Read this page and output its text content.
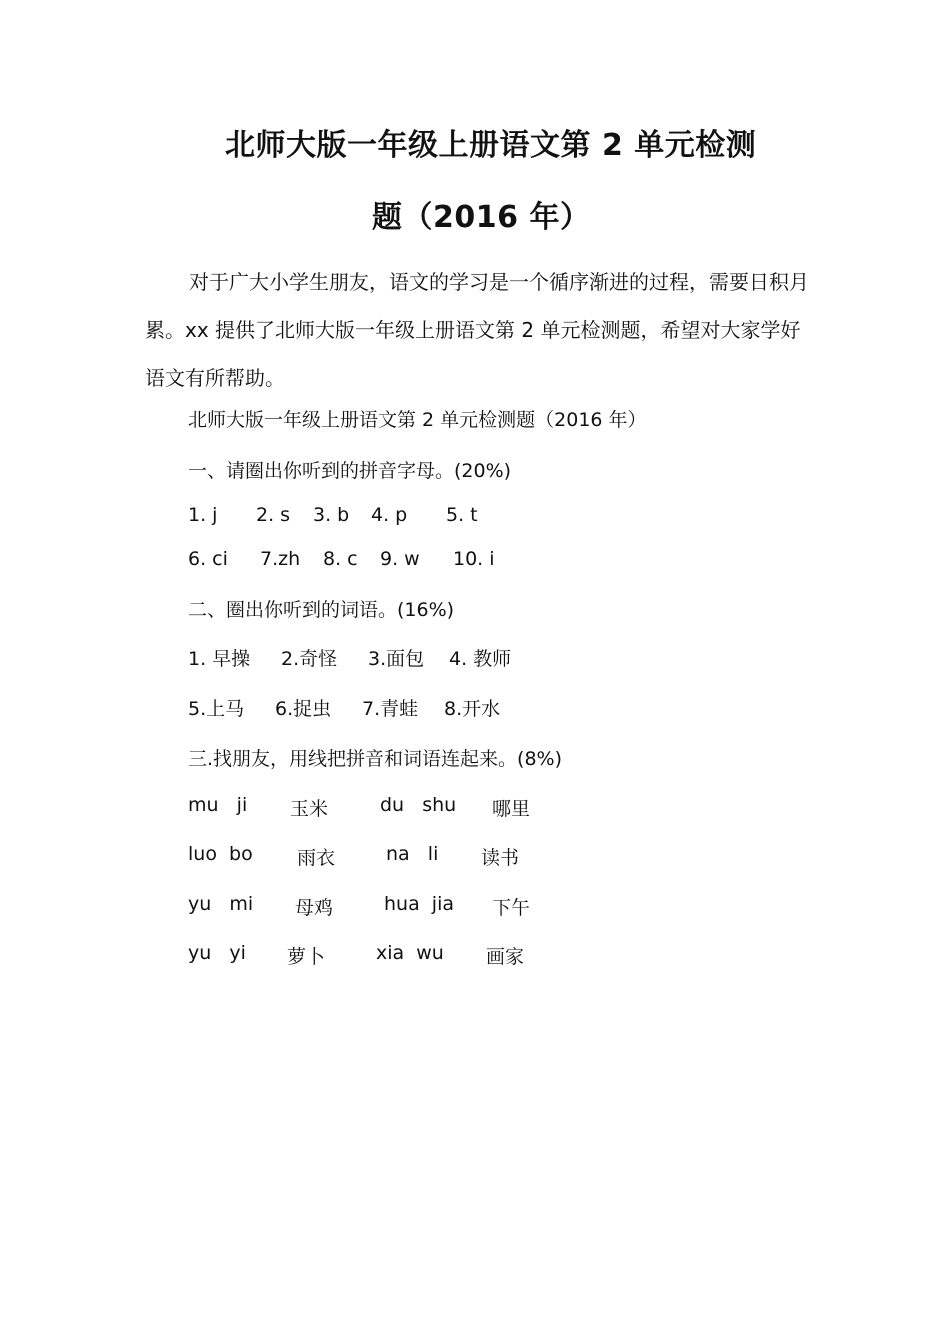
北师大版一年级上册语文第 2 单元检测
题（2016 年）

对于广大小学生朋友，语文的学习是一个循序渐进的过程，需要日积月累。xx 提供了北师大版一年级上册语文第 2 单元检测题，希望对大家学好语文有所帮助。

北师大版一年级上册语文第 2 单元检测题（2016 年）
一、请圈出你听到的拼音字母。(20%)
1. j 2. s 3. b 4. p 5. t
6. ci 7.zh 8. c 9. w 10. i
二、圈出你听到的词语。(16%)
1. 早操 2.奇怪 3.面包 4. 教师
5.上马 6.捉虫 7.青蛙 8.开水
三.找朋友，用线把拼音和词语连起来。(8%)
mu   ji 玉米	du   shu 哪里
luo  bo 雨衣	na   li 读书
yu   mi 母鸡	hua  jia 下午
yu   yi 萝卜	xia  wu 画家
